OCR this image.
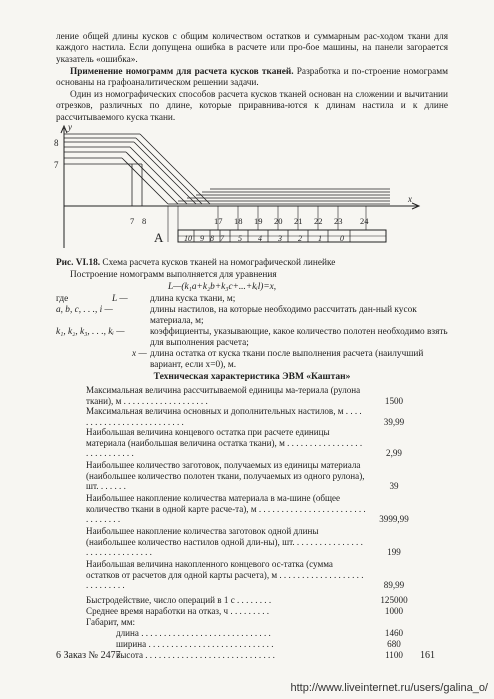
ление общей длины кусков с общим количеством остатков и суммарным рас-ходом ткани для каждого настила. Если допущена ошибка в расчете или про-бое машины, на панели загорается указатель «ошибка».

Применение номограмм для расчета кусков тканей. Разработка и по-строение номограмм основаны на графоаналитическом решении задачи.

Один из номографических способов расчета кусков тканей основан на сложении и вычитании отрезков, различных по длине, которые приравнива-ются к длинам настила и к длине рассчитываемого куска ткани.

y
x
8
7
A
7 8	17 18 19 20 21 22 23 24
10 9 8 7 5 4 3 2 1 0

Рис. VI.18. Схема расчета кусков тканей на номографической линейке

Построение номограмм выполняется для уравнения

L—(k₁a+k₂b+k₃c+...+kᵢl)=x,

где	L — длина куска ткани, м;

a, b, c, . . ., i —	длины настилов, на которые необходимо рассчитать дан-ный кусок материала, м;

k₁, k₂, k₃, . . ., kᵢ —	коэффициенты, указывающие, какое количество полотен необходимо взять для выполнения расчета;

x — длина остатка от куска ткани после выполнения расчета (наилучший вариант, если x=0), м.

Техническая характеристика ЭВМ «Каштан»

Максимальная величина рассчитываемой единицы ма-териала (рулона ткани), м . . . . . . . . . . . . . . . . . . .	1500

Максимальная величина основных и дополнительных настилов, м . . . . . . . . . . . . . . . . . . . . . . . . . .	39,99

Наибольшая величина концевого остатка при расчете единицы материала (наибольшая величина остатка ткани), м . . . . . . . . . . . . . . . . . . . . . . . . . . . .	2,99

Наибольшее количество заготовок, получаемых из единицы материала (наибольшее количество полотен ткани, получаемых из одного рулона), шт. . . . . . .	39

Наибольшее накопление количества материала в ма-шине (общее количество ткани в одной карте расче-та), м . . . . . . . . . . . . . . . . . . . . . . . . . . . . . . . .	3999,99

Наибольшее накопление количества заготовок одной длины (наибольшее количество настилов одной дли-ны), шт. . . . . . . . . . . . . . . . . . . . . . . . . . . . . . .	199

Наибольшая величина накопленного концевого ос-татка (сумма остатков от расчетов для одной карты расчета), м . . . . . . . . . . . . . . . . . . . . . . . . . . . .	89,99

Быстродействие, число операций в 1 с . . . . . . . .	125000

Среднее время наработки на отказ, ч . . . . . . . . .	1000

Габарит, мм:

длина . . . . . . . . . . . . . . . . . . . . . . . . . . . . .	1460

ширина . . . . . . . . . . . . . . . . . . . . . . . . . . . .	680

высота . . . . . . . . . . . . . . . . . . . . . . . . . . . . .	1100
6 Заказ № 2477	161
http://www.liveinternet.ru/users/galina_o/
